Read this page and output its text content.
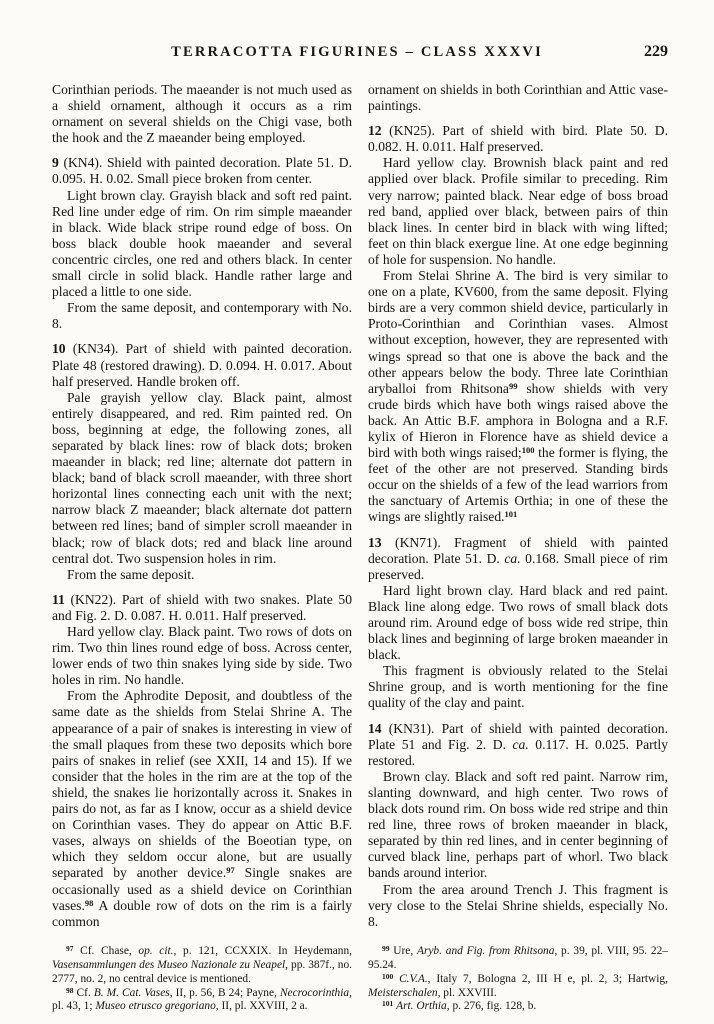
TERRACOTTA FIGURINES – CLASS XXXVI	229

Corinthian periods. The maeander is not much used as a shield ornament, although it occurs as a rim ornament on several shields on the Chigi vase, both the hook and the Z maeander being employed.

9 (KN4). Shield with painted decoration. Plate 51. D. 0.095. H. 0.02. Small piece broken from center.

Light brown clay. Grayish black and soft red paint. Red line under edge of rim. On rim simple maeander in black. Wide black stripe round edge of boss. On boss black double hook maeander and several concentric circles, one red and others black. In center small circle in solid black. Handle rather large and placed a little to one side.

From the same deposit, and contemporary with No. 8.

10 (KN34). Part of shield with painted decoration. Plate 48 (restored drawing). D. 0.094. H. 0.017. About half preserved. Handle broken off.

Pale grayish yellow clay. Black paint, almost entirely disappeared, and red. Rim painted red. On boss, beginning at edge, the following zones, all separated by black lines: row of black dots; broken maeander in black; red line; alternate dot pattern in black; band of black scroll maeander, with three short horizontal lines connecting each unit with the next; narrow black Z maeander; black alternate dot pattern between red lines; band of simpler scroll maeander in black; row of black dots; red and black line around central dot. Two suspension holes in rim.

From the same deposit.

11 (KN22). Part of shield with two snakes. Plate 50 and Fig. 2. D. 0.087. H. 0.011. Half preserved.

Hard yellow clay. Black paint. Two rows of dots on rim. Two thin lines round edge of boss. Across center, lower ends of two thin snakes lying side by side. Two holes in rim. No handle.

From the Aphrodite Deposit, and doubtless of the same date as the shields from Stelai Shrine A. The appearance of a pair of snakes is interesting in view of the small plaques from these two deposits which bore pairs of snakes in relief (see XXII, 14 and 15). If we consider that the holes in the rim are at the top of the shield, the snakes lie horizontally across it. Snakes in pairs do not, as far as I know, occur as a shield device on Corinthian vases. They do appear on Attic B.F. vases, always on shields of the Boeotian type, on which they seldom occur alone, but are usually separated by another device.$^{97}$ Single snakes are occasionally used as a shield device on Corinthian vases.$^{98}$ A double row of dots on the rim is a fairly common

$^{97}$ Cf. Chase, op. cit., p. 121, CCXXIX. In Heydemann, Vasensammlungen des Museo Nazionale zu Neapel, pp. 387f., no. 2777, no. 2, no central device is mentioned.

$^{98}$ Cf. B. M. Cat. Vases, II, p. 56, B 24; Payne, Necrocorinthia, pl. 43, 1; Museo etrusco gregoriano, II, pl. XXVIII, 2 a.

ornament on shields in both Corinthian and Attic vase-paintings.

12 (KN25). Part of shield with bird. Plate 50. D. 0.082. H. 0.011. Half preserved.

Hard yellow clay. Brownish black paint and red applied over black. Profile similar to preceding. Rim very narrow; painted black. Near edge of boss broad red band, applied over black, between pairs of thin black lines. In center bird in black with wing lifted; feet on thin black exergue line. At one edge beginning of hole for suspension. No handle.

From Stelai Shrine A. The bird is very similar to one on a plate, KV600, from the same deposit. Flying birds are a very common shield device, particularly in Proto-Corinthian and Corinthian vases. Almost without exception, however, they are represented with wings spread so that one is above the back and the other appears below the body. Three late Corinthian aryballoi from Rhitsona$^{99}$ show shields with very crude birds which have both wings raised above the back. An Attic B.F. amphora in Bologna and a R.F. kylix of Hieron in Florence have as shield device a bird with both wings raised;$^{100}$ the former is flying, the feet of the other are not preserved. Standing birds occur on the shields of a few of the lead warriors from the sanctuary of Artemis Orthia; in one of these the wings are slightly raised.$^{101}$

13 (KN71). Fragment of shield with painted decoration. Plate 51. D. ca. 0.168. Small piece of rim preserved.

Hard light brown clay. Hard black and red paint. Black line along edge. Two rows of small black dots around rim. Around edge of boss wide red stripe, thin black lines and beginning of large broken maeander in black.

This fragment is obviously related to the Stelai Shrine group, and is worth mentioning for the fine quality of the clay and paint.

14 (KN31). Part of shield with painted decoration. Plate 51 and Fig. 2. D. ca. 0.117. H. 0.025. Partly restored.

Brown clay. Black and soft red paint. Narrow rim, slanting downward, and high center. Two rows of black dots round rim. On boss wide red stripe and thin red line, three rows of broken maeander in black, separated by thin red lines, and in center beginning of curved black line, perhaps part of whorl. Two black bands around interior.

From the area around Trench J. This fragment is very close to the Stelai Shrine shields, especially No. 8.

$^{99}$ Ure, Aryb. and Fig. from Rhitsona, p. 39, pl. VIII, 95. 22–95.24.

$^{100}$ C.V.A., Italy 7, Bologna 2, III H e, pl. 2, 3; Hartwig, Meisterschalen, pl. XXVIII.

$^{101}$ Art. Orthia, p. 276, fig. 128, b.
